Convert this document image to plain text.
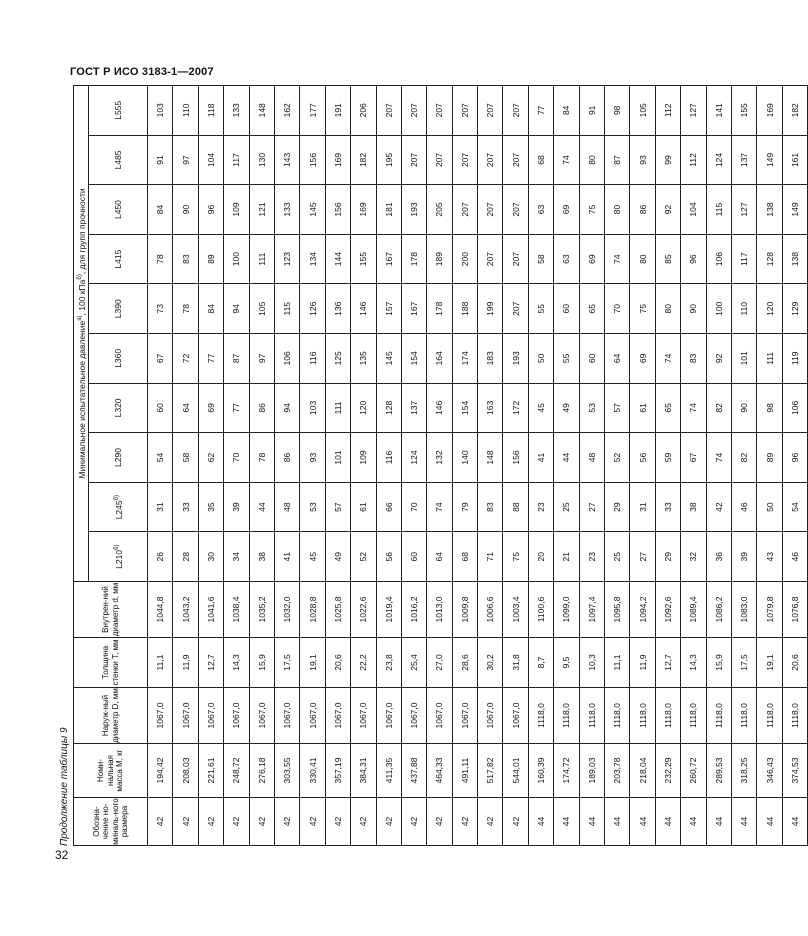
ГОСТ Р ИСО 3183-1—2007
32
Продолжение таблицы 9	Обозна-чение но-миналь-ного размера	Номи-нальная масса М, кг	Наруж-ный диаметр D, мм	Толщина стенки Т, мм	Внутрен-ний диаметр d, мм	Минимальное испытательное давление$^{а)}$, 100 кПа$^{б)}$, для групп прочности									
					$L210^{б)}$	$L245^{б)}$	L290	L320	L360	L390	L415	L450	L485	L555
42	194,42	1067,0	11,1	1044,8	26	31	54	60	67	73	78	84	91	103
42	208,03	1067,0	11,9	1043,2	28	33	58	64	72	78	83	90	97	110
42	221,61	1067,0	12,7	1041,6	30	35	62	69	77	84	89	96	104	118
42	248,72	1067,0	14,3	1038,4	34	39	70	77	87	94	100	109	117	133
42	276,18	1067,0	15,9	1035,2	38	44	78	86	97	105	111	121	130	148
42	303,55	1067,0	17,5	1032,0	41	48	86	94	106	115	123	133	143	162
42	330,41	1067,0	19,1	1028,8	45	53	93	103	116	126	134	145	156	177
42	357,19	1067,0	20,6	1025,8	49	57	101	111	125	136	144	156	169	191
42	384,31	1067,0	22,2	1022,6	52	61	109	120	135	146	155	169	182	206
42	411,35	1067,0	23,8	1019,4	56	66	116	128	145	157	167	181	195	207
42	437,88	1067,0	25,4	1016,2	60	70	124	137	154	167	178	193	207	207
42	464,33	1067,0	27,0	1013,0	64	74	132	146	164	178	189	205	207	207
42	491,11	1067,0	28,6	1009,8	68	79	140	154	174	188	200	207	207	207
42	517,82	1067,0	30,2	1006,6	71	83	148	163	183	199	207	207	207	207
42	544,01	1067,0	31,8	1003,4	75	88	156	172	193	207	207	207	207	207
44	160,39	1118,0	8,7	1100,6	20	23	41	45	50	55	58	63	68	77
44	174,72	1118,0	9,5	1099,0	21	25	44	49	55	60	63	69	74	84
44	189,03	1118,0	10,3	1097,4	23	27	48	53	60	65	69	75	80	91
44	203,78	1118,0	11,1	1095,8	25	29	52	57	64	70	74	80	87	98
44	218,04	1118,0	11,9	1094,2	27	31	56	61	69	75	80	86	93	105
44	232,29	1118,0	12,7	1092,6	29	33	59	65	74	80	85	92	99	112
44	260,72	1118,0	14,3	1089,4	32	38	67	74	83	90	96	104	112	127
44	289,53	1118,0	15,9	1086,2	36	42	74	82	92	100	106	115	124	141
44	318,25	1118,0	17,5	1083,0	39	46	82	90	101	110	117	127	137	155
44	346,43	1118,0	19,1	1079,8	43	50	89	98	111	120	128	138	149	169
44	374,53	1118,0	20,6	1076,8	46	54	96	106	119	129	138	149	161	182
